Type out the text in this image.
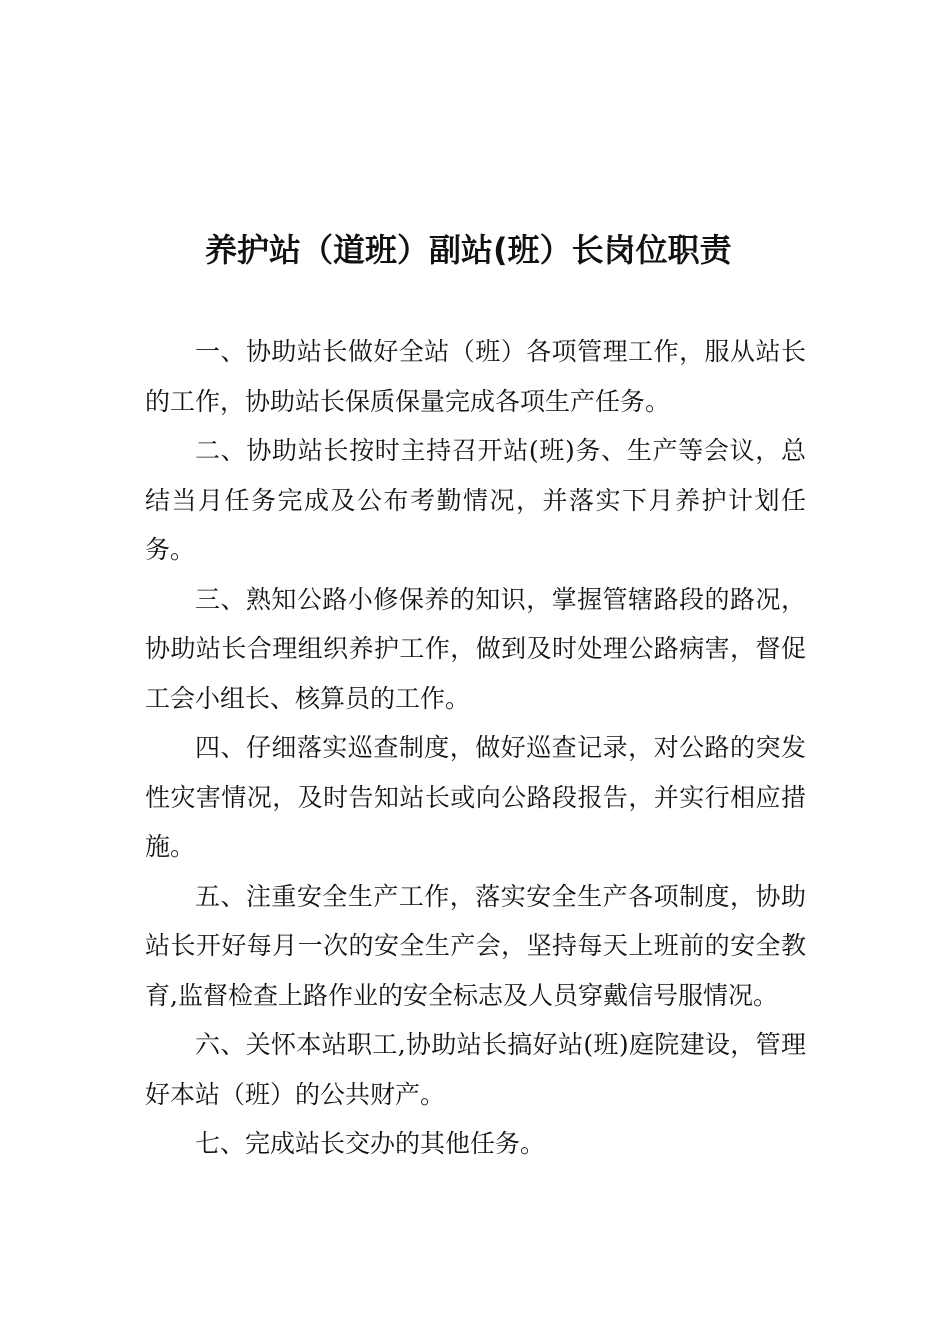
养护站（道班）副站(班）长岗位职责

一、协助站长做好全站（班）各项管理工作，服从站长的工作，协助站长保质保量完成各项生产任务。

二、协助站长按时主持召开站(班)务、生产等会议，总结当月任务完成及公布考勤情况，并落实下月养护计划任务。

三、熟知公路小修保养的知识，掌握管辖路段的路况，协助站长合理组织养护工作，做到及时处理公路病害，督促工会小组长、核算员的工作。

四、仔细落实巡查制度，做好巡查记录，对公路的突发性灾害情况，及时告知站长或向公路段报告，并实行相应措施。

五、注重安全生产工作，落实安全生产各项制度，协助站长开好每月一次的安全生产会，坚持每天上班前的安全教育,监督检查上路作业的安全标志及人员穿戴信号服情况。

六、关怀本站职工,协助站长搞好站(班)庭院建设，管理好本站（班）的公共财产。

七、完成站长交办的其他任务。
